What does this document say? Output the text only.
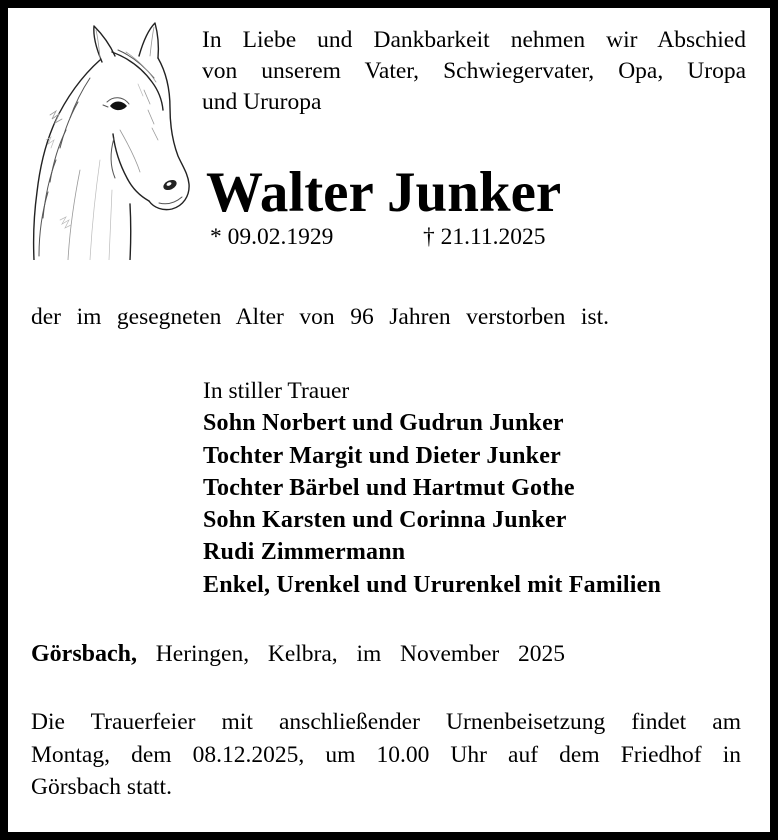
In Liebe und Dankbarkeit nehmen wir Abschied
von unserem Vater, Schwiegervater, Opa, Uropa
und Ururopa
Walter Junker
* 09.02.1929	† 21.11.2025
der im gesegneten Alter von 96 Jahren verstorben ist.
In stiller Trauer
Sohn Norbert und Gudrun Junker
Tochter Margit und Dieter Junker
Tochter Bärbel und Hartmut Gothe
Sohn Karsten und Corinna Junker
Rudi Zimmermann
Enkel, Urenkel und Ururenkel mit Familien
Görsbach, Heringen, Kelbra, im November 2025
Die Trauerfeier mit anschließender Urnenbeisetzung findet am
Montag, dem 08.12.2025, um 10.00 Uhr auf dem Friedhof in
Görsbach statt.
